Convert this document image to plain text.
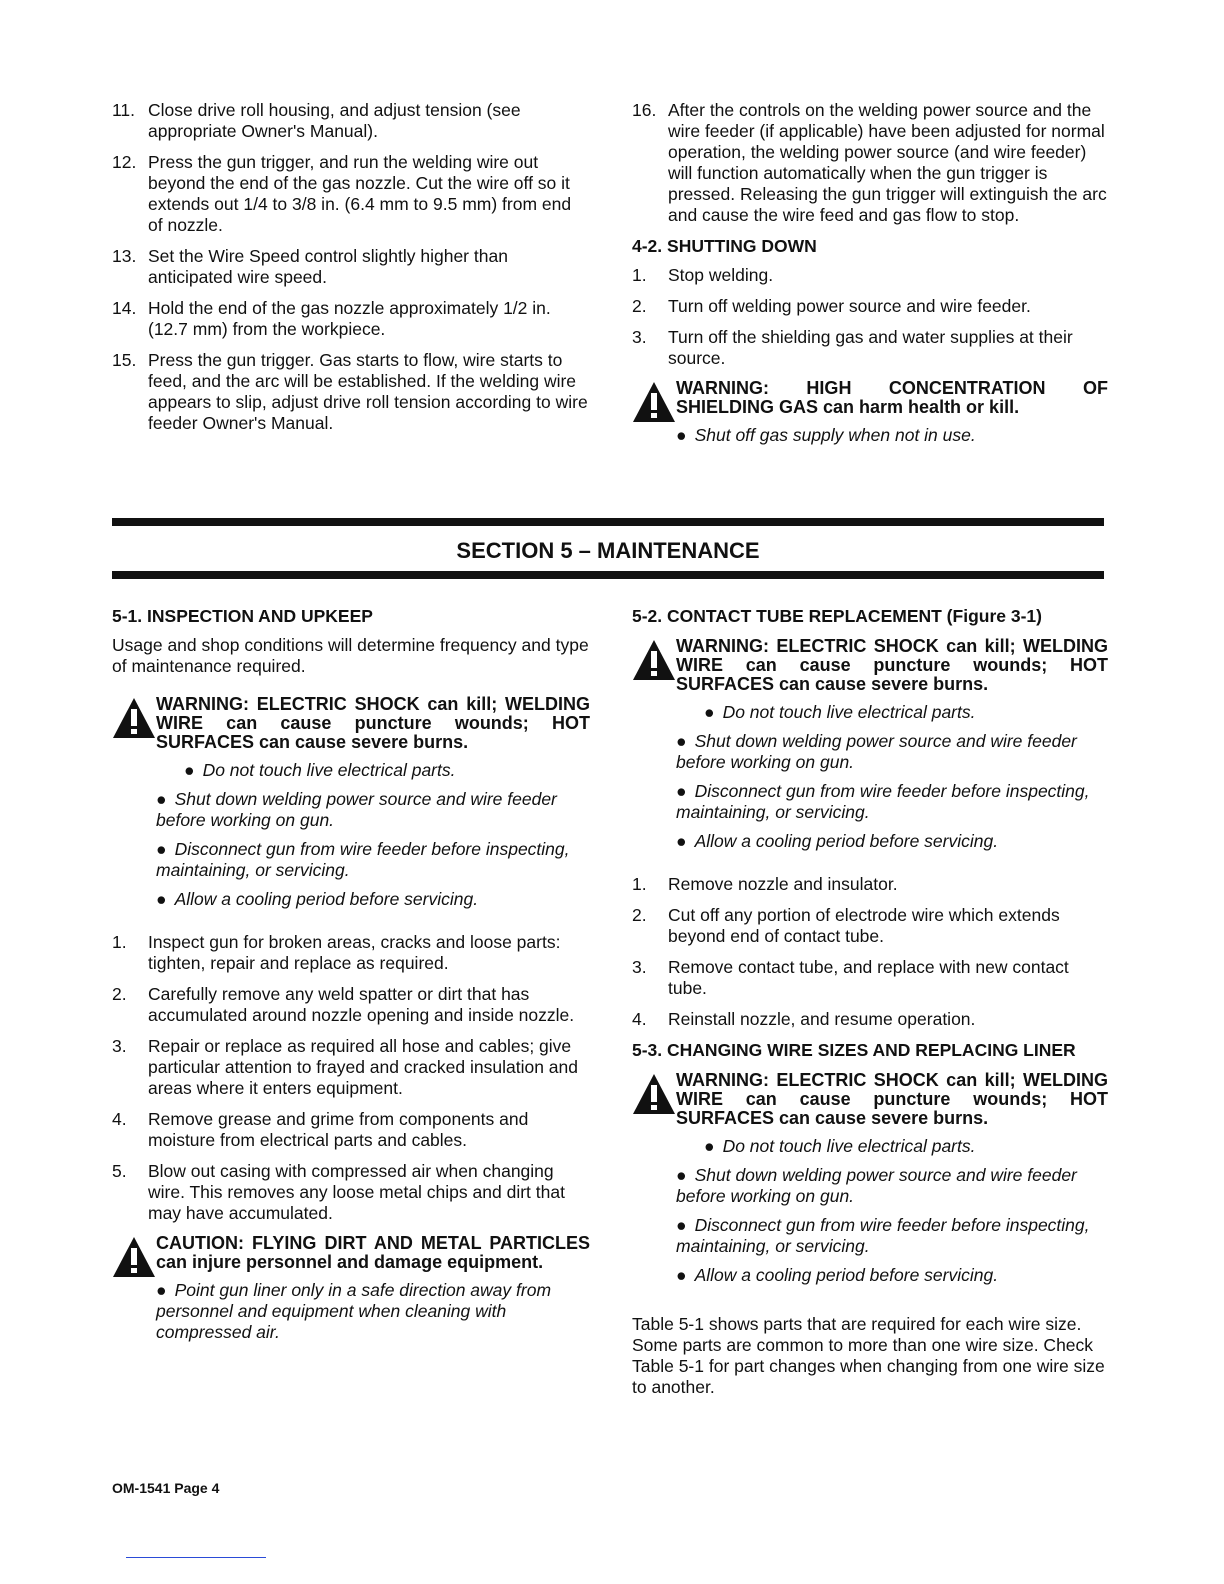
11. Close drive roll housing, and adjust tension (see appropriate Owner's Manual).
12. Press the gun trigger, and run the welding wire out beyond the end of the gas nozzle. Cut the wire off so it extends out 1/4 to 3/8 in. (6.4 mm to 9.5 mm) from end of nozzle.
13. Set the Wire Speed control slightly higher than anticipated wire speed.
14. Hold the end of the gas nozzle approximately 1/2 in. (12.7 mm) from the workpiece.
15. Press the gun trigger. Gas starts to flow, wire starts to feed, and the arc will be established. If the welding wire appears to slip, adjust drive roll tension according to wire feeder Owner's Manual.
16. After the controls on the welding power source and the wire feeder (if applicable) have been adjusted for normal operation, the welding power source (and wire feeder) will function automatically when the gun trigger is pressed. Releasing the gun trigger will extinguish the arc and cause the wire feed and gas flow to stop.
4-2. SHUTTING DOWN
1.	Stop welding.
2.	Turn off welding power source and wire feeder.
3.	Turn off the shielding gas and water supplies at their source.
WARNING: HIGH CONCENTRATION OF SHIELDING GAS can harm health or kill.
● Shut off gas supply when not in use.
SECTION 5 – MAINTENANCE
5-1. INSPECTION AND UPKEEP
Usage and shop conditions will determine frequency and type of maintenance required.
WARNING: ELECTRIC SHOCK can kill; WELDING WIRE can cause puncture wounds; HOT SURFACES can cause severe burns.
● Do not touch live electrical parts.
● Shut down welding power source and wire feeder before working on gun.
● Disconnect gun from wire feeder before inspecting, maintaining, or servicing.
● Allow a cooling period before servicing.
1.	Inspect gun for broken areas, cracks and loose parts: tighten, repair and replace as required.
2.	Carefully remove any weld spatter or dirt that has accumulated around nozzle opening and inside nozzle.
3.	Repair or replace as required all hose and cables; give particular attention to frayed and cracked insulation and areas where it enters equipment.
4.	Remove grease and grime from components and moisture from electrical parts and cables.
5.	Blow out casing with compressed air when changing wire. This removes any loose metal chips and dirt that may have accumulated.
CAUTION: FLYING DIRT AND METAL PARTICLES can injure personnel and damage equipment.
● Point gun liner only in a safe direction away from personnel and equipment when cleaning with compressed air.
5-2. CONTACT TUBE REPLACEMENT (Figure 3-1)
WARNING: ELECTRIC SHOCK can kill; WELDING WIRE can cause puncture wounds; HOT SURFACES can cause severe burns.
● Do not touch live electrical parts.
● Shut down welding power source and wire feeder before working on gun.
● Disconnect gun from wire feeder before inspecting, maintaining, or servicing.
● Allow a cooling period before servicing.
1.	Remove nozzle and insulator.
2.	Cut off any portion of electrode wire which extends beyond end of contact tube.
3.	Remove contact tube, and replace with new contact tube.
4.	Reinstall nozzle, and resume operation.
5-3. CHANGING WIRE SIZES AND REPLACING LINER
WARNING: ELECTRIC SHOCK can kill; WELDING WIRE can cause puncture wounds; HOT SURFACES can cause severe burns.
● Do not touch live electrical parts.
● Shut down welding power source and wire feeder before working on gun.
● Disconnect gun from wire feeder before inspecting, maintaining, or servicing.
● Allow a cooling period before servicing.
Table 5-1 shows parts that are required for each wire size. Some parts are common to more than one wire size. Check Table 5-1 for part changes when changing from one wire size to another.
OM-1541 Page 4
